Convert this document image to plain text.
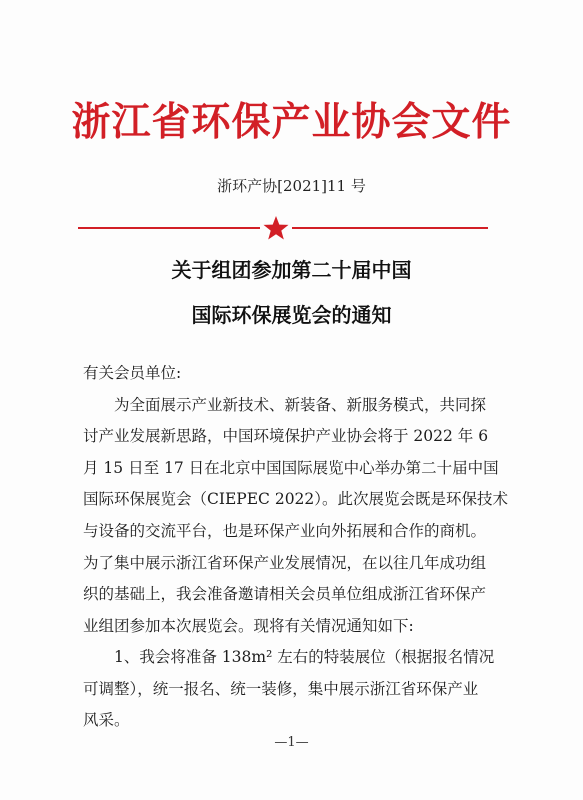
浙江省环保产业协会文件
浙环产协[2021]11 号
关于组团参加第二十届中国
国际环保展览会的通知
有关会员单位:
为全面展示产业新技术、新装备、新服务模式，共同探
讨产业发展新思路，中国环境保护产业协会将于 2022 年 6
月 15 日至 17 日在北京中国国际展览中心举办第二十届中国
国际环保展览会（CIEPEC 2022）。此次展览会既是环保技术
与设备的交流平台，也是环保产业向外拓展和合作的商机。
为了集中展示浙江省环保产业发展情况，在以往几年成功组
织的基础上，我会准备邀请相关会员单位组成浙江省环保产
业组团参加本次展览会。现将有关情况通知如下:
1、我会将准备 138m² 左右的特装展位（根据报名情况
可调整），统一报名、统一装修，集中展示浙江省环保产业
风采。
—1—
